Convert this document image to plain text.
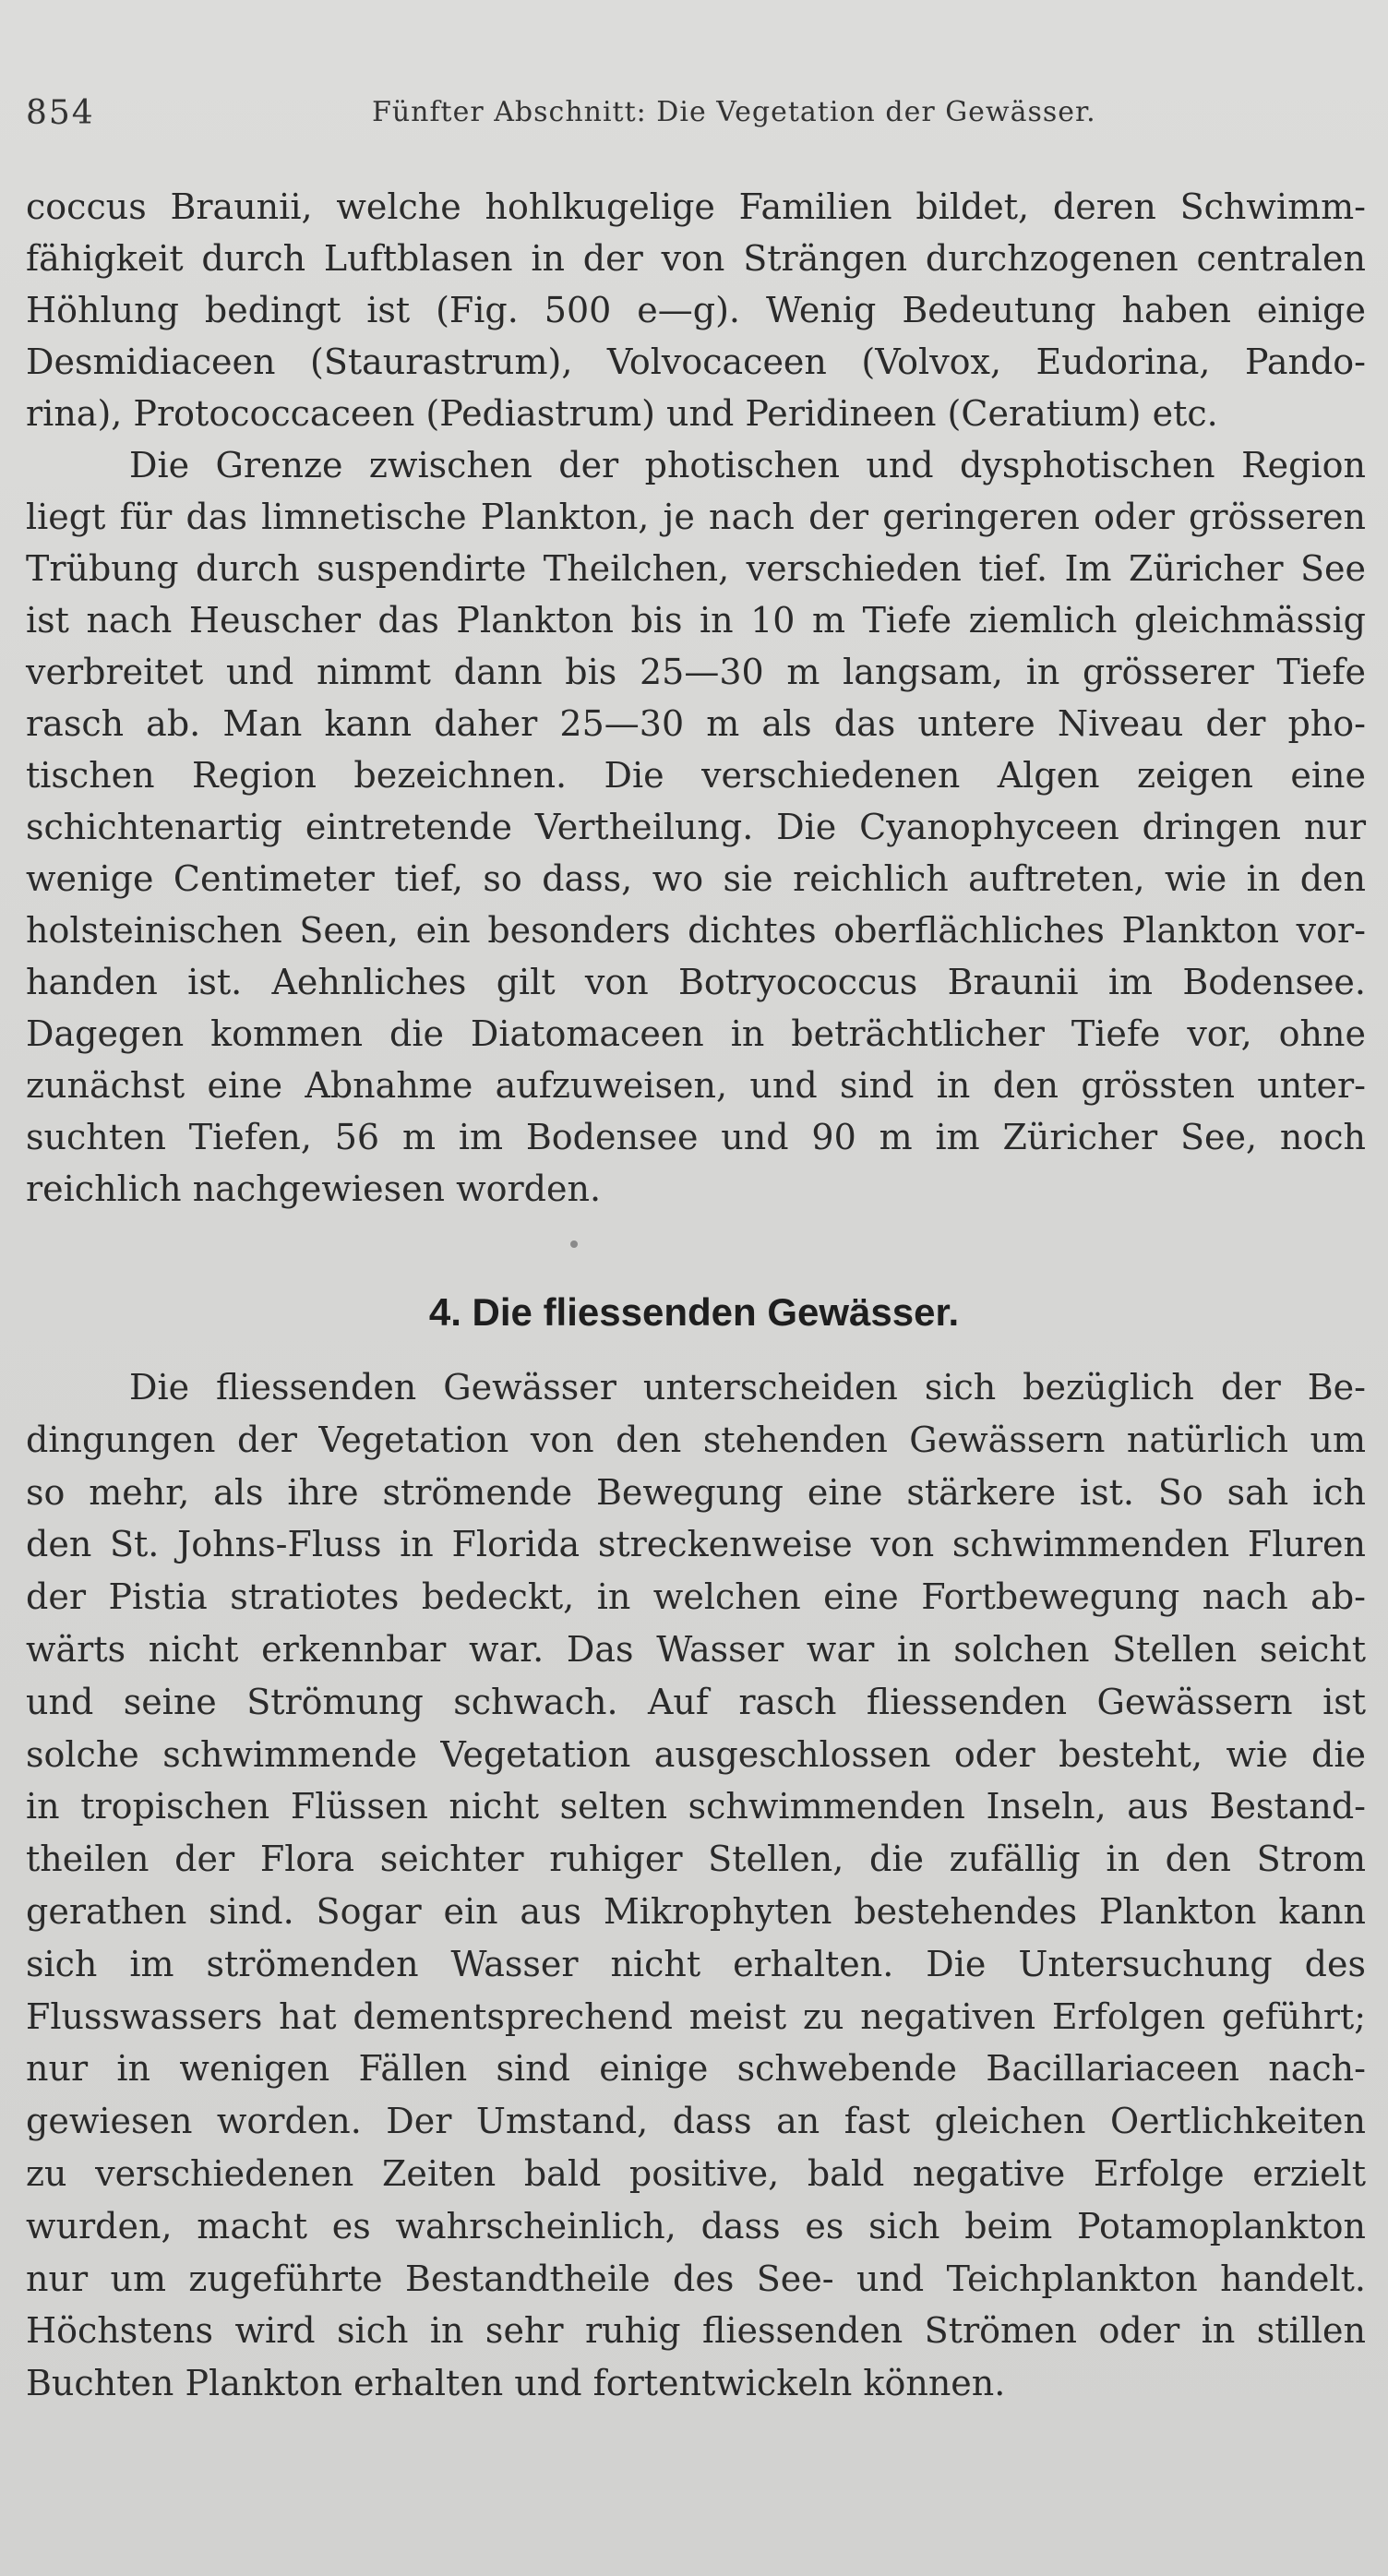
854	Fünfter Abschnitt: Die Vegetation der Gewässer.
coccus Braunii, welche hohlkugelige Familien bildet, deren Schwimm-
fähigkeit durch Luftblasen in der von Strängen durchzogenen centralen
Höhlung bedingt ist (Fig. 500 e—g). Wenig Bedeutung haben einige
Desmidiaceen (Staurastrum), Volvocaceen (Volvox, Eudorina, Pando-
rina), Protococcaceen (Pediastrum) und Peridineen (Ceratium) etc.
Die Grenze zwischen der photischen und dysphotischen Region
liegt für das limnetische Plankton, je nach der geringeren oder grösseren
Trübung durch suspendirte Theilchen, verschieden tief. Im Züricher See
ist nach Heuscher das Plankton bis in 10 m Tiefe ziemlich gleichmässig
verbreitet und nimmt dann bis 25—30 m langsam, in grösserer Tiefe
rasch ab. Man kann daher 25—30 m als das untere Niveau der pho-
tischen Region bezeichnen. Die verschiedenen Algen zeigen eine
schichtenartig eintretende Vertheilung. Die Cyanophyceen dringen nur
wenige Centimeter tief, so dass, wo sie reichlich auftreten, wie in den
holsteinischen Seen, ein besonders dichtes oberflächliches Plankton vor-
handen ist. Aehnliches gilt von Botryococcus Braunii im Bodensee.
Dagegen kommen die Diatomaceen in beträchtlicher Tiefe vor, ohne
zunächst eine Abnahme aufzuweisen, und sind in den grössten unter-
suchten Tiefen, 56 m im Bodensee und 90 m im Züricher See, noch
reichlich nachgewiesen worden.
4. Die fliessenden Gewässer.
Die fliessenden Gewässer unterscheiden sich bezüglich der Be-
dingungen der Vegetation von den stehenden Gewässern natürlich um
so mehr, als ihre strömende Bewegung eine stärkere ist. So sah ich
den St. Johns-Fluss in Florida streckenweise von schwimmenden Fluren
der Pistia stratiotes bedeckt, in welchen eine Fortbewegung nach ab-
wärts nicht erkennbar war. Das Wasser war in solchen Stellen seicht
und seine Strömung schwach. Auf rasch fliessenden Gewässern ist
solche schwimmende Vegetation ausgeschlossen oder besteht, wie die
in tropischen Flüssen nicht selten schwimmenden Inseln, aus Bestand-
theilen der Flora seichter ruhiger Stellen, die zufällig in den Strom
gerathen sind. Sogar ein aus Mikrophyten bestehendes Plankton kann
sich im strömenden Wasser nicht erhalten. Die Untersuchung des
Flusswassers hat dementsprechend meist zu negativen Erfolgen geführt;
nur in wenigen Fällen sind einige schwebende Bacillariaceen nach-
gewiesen worden. Der Umstand, dass an fast gleichen Oertlichkeiten
zu verschiedenen Zeiten bald positive, bald negative Erfolge erzielt
wurden, macht es wahrscheinlich, dass es sich beim Potamoplankton
nur um zugeführte Bestandtheile des See- und Teichplankton handelt.
Höchstens wird sich in sehr ruhig fliessenden Strömen oder in stillen
Buchten Plankton erhalten und fortentwickeln können.
